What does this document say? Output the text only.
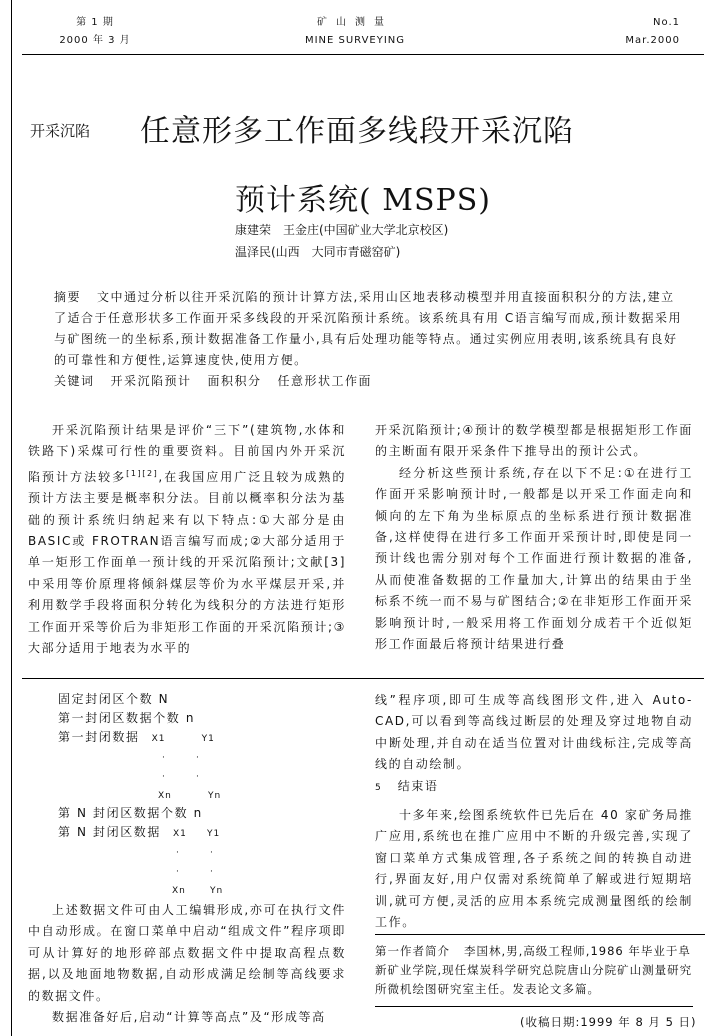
第 1 期
2000 年 3 月
矿山测量
MINE SURVEYING
No.1
Mar.2000
开采沉陷 任意形多工作面多线段开采沉陷
预计系统( MSPS)
康建荣　王金庄(中国矿业大学北京校区)
温泽民(山西　大同市青磁窑矿)
摘要 文中通过分析以往开采沉陷的预计计算方法,采用山区地表移动模型并用直接面积积分的方法,建立了适合于任意形状多工作面开采多线段的开采沉陷预计系统。该系统具有用 C语言编写而成,预计数据采用与矿图统一的坐标系,预计数据准备工作量小,具有后处理功能等特点。通过实例应用表明,该系统具有良好的可靠性和方便性,运算速度快,使用方便。
关键词 开采沉陷预计 面积积分 任意形状工作面

开采沉陷预计结果是评价“三下”(建筑物,水体和铁路下)采煤可行性的重要资料。目前国内外开采沉陷预计方法较多[1][2],在我国应用广泛且较为成熟的预计方法主要是概率积分法。目前以概率积分法为基础的预计系统归纳起来有以下特点:①大部分是由 BASIC或 FROTRAN语言编写而成;②大部分适用于单一矩形工作面单一预计线的开采沉陷预计;文献[3]中采用等价原理将倾斜煤层等价为水平煤层开采,并利用数学手段将面积分转化为线积分的方法进行矩形工作面开采等价后为非矩形工作面的开采沉陷预计;③大部分适用于地表为水平的

开采沉陷预计;④预计的数学模型都是根据矩形工作面的主断面有限开采条件下推导出的预计公式。

经分析这些预计系统,存在以下不足:①在进行工作面开采影响预计时,一般都是以开采工作面走向和倾向的左下角为坐标原点的坐标系进行预计数据准备,这样使得在进行多工作面开采预计时,即使是同一预计线也需分别对每个工作面进行预计数据的准备,从而使准备数据的工作量加大,计算出的结果由于坐标系不统一而不易与矿图结合;②在非矩形工作面开采影响预计时,一般采用将工作面划分成若干个近似矩形工作面最后将预计结果进行叠

固定封闭区个数 N
第一封闭区数据个数 n
第一封闭数据 X1	Y1
·	·
·	·
Xn	Yn
第 N 封闭区数据个数 n
第 N 封闭区数据 X1 Y1
·	·
·	·
Xn	Yn

上述数据文件可由人工编辑形成,亦可在执行文件中自动形成。在窗口菜单中启动“组成文件”程序项即可从计算好的地形碎部点数据文件中提取高程点数据,以及地面地物数据,自动形成满足绘制等高线要求的数据文件。

数据准备好后,启动“计算等高点”及“形成等高

线”程序项,即可生成等高线图形文件,进入 Auto-CAD,可以看到等高线过断层的处理及穿过地物自动中断处理,并自动在适当位置对计曲线标注,完成等高线的自动绘制。

5 结束语

十多年来,绘图系统软件已先后在 40 家矿务局推广应用,系统也在推广应用中不断的升级完善,实现了窗口菜单方式集成管理,各子系统之间的转换自动进行,界面友好,用户仅需对系统简单了解或进行短期培训,就可方便,灵活的应用本系统完成测量图纸的绘制工作。

第一作者简介 李国林,男,高级工程师,1986 年毕业于阜新矿业学院,现任煤炭科学研究总院唐山分院矿山测量研究所微机绘图研究室主任。发表论文多篇。
(收稿日期:1999 年 8 月 5 日)
